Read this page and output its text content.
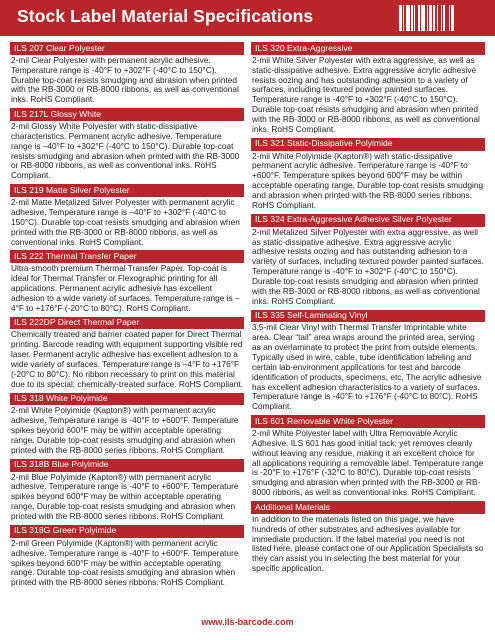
Stock Label Material Specifications
ILS 207 Clear Polyester
2-mil Clear Polyester with permanent acrylic adhesive. Temperature range is -40°F to +302°F (-40°C to 150°C). Durable top-coat resists smudging and abrasion when printed with the RB-3000 or RB-8000 ribbons, as well as conventional inks. RoHS Compliant.
ILS 217L Glossy White
2-mil Glossy White Polyester with static-dissipative characteristics. Permanent acrylic adhesive. Temperature range is –40°F to +302°F (-40°C to 150°C). Durable top-coat resists smudging and abrasion when printed with the RB-3000 or RB-8000 ribbons, as well as conventional inks. RoHS Compliant.
ILS 219 Matte Silver Polyester
2-mil Matte Metalized Silver Polyester with permanent acrylic adhesive. Temperature range is –40°F to +302°F (-40°C to 150°C). Durable top-coat resists smudging and abrasion when printed with the RB-3000 or RB-8000 ribbons, as well as conventional inks. RoHS Compliant.
ILS 222 Thermal Transfer Paper
Ultra-smooth premium Thermal Transfer Paper. Top-coat is ideal for Thermal Transfer or Flexographic printing for all applications. Permanent acrylic adhesive has excellent adhesion to a wide variety of surfaces. Temperature range is –4°F to +176°F (-20°C to 80°C). RoHS Compliant.
ILS 222DP Direct Thermal Paper
Chemically treated and barrier coated paper for Direct Thermal printing. Barcode reading with equipment supporting visible red laser. Permanent acrylic adhesive has excellent adhesion to a wide variety of surfaces. Temperature range is –4°F to +176°F (-20°C to 80°C). No ribbon necessary to print on this material due to its special, chemically-treated surface. RoHS Compliant.
ILS 318 White Polyimide
2-mil White Polyimide (Kapton®) with permanent acrylic adhesive. Temperature range is -40°F to +600°F. Temperature spikes beyond 600°F may be within acceptable operating range. Durable top-coat resists smudging and abrasion when printed with the RB-8000 series ribbons. RoHS Compliant.
ILS 318B Blue Polyimide
2-mil Blue Polyimide (Kapton®) with permanent acrylic adhesive. Temperature range is -40°F to +600°F. Temperature spikes beyond 600°F may be within acceptable operating range. Durable top-coat resists smudging and abrasion when printed with the RB-8000 series ribbons. RoHS Compliant.
ILS 318G Green Polyimide
2-mil Green Polyimide (Kapton®) with permanent acrylic adhesive. Temperature range is -40°F to +600°F. Temperature spikes beyond 600°F may be within acceptable operating range. Durable top-coat resists smudging and abrasion when printed with the RB-8000 series ribbons. RoHS Compliant.
ILS 320 Extra-Aggressive
2-mil White Silver Polyester with extra aggressive, as well as static-dissipative adhesive. Extra aggressive acrylic adhesive resists oozing and has outstanding adhesion to a variety of surfaces, including textured powder painted surfaces. Temperature range is -40°F to +302°F (-40°C to 150°C). Durable top-coat resists smudging and abrasion when printed with the RB-3000 or RB-8000 ribbons, as well as conventional inks. RoHS Compliant.
ILS 321 Static-Dissipative Polyimide
2-mil White Polyimide (Kapton®) with static-dissipative permanent acrylic adhesive. Temperature range is -40°F to +600°F. Temperature spikes beyond 600°F may be within acceptable operating range. Durable top-coat resists smudging and abrasion when printed with the RB-8000 series ribbons. RoHS Compliant.
ILS 324 Extra-Aggressive Adhesive Silver Polyester
2-mil Metalized Silver Polyester with extra aggressive, as well as static-dissipative adhesive. Extra aggressive acrylic adhesive resists oozing and has outstanding adhesion to a variety of surfaces, including textured powder painted surfaces. Temperature range is -40°F to +302°F (-40°C to 150°C). Durable top-coat resists smudging and abrasion when printed with the RB-3000 or RB-8000 ribbons, as well as conventional inks. RoHS Compliant.
ILS 335 Self-Laminating Vinyl
3.5-mil Clear Vinyl with Thermal Transfer Imprintable white area. Clear “tail” area wraps around the printed area, serving as an overlaminate to protect the print from outside elements. Typically used in wire, cable, tube identification labeling and certain lab-environment applications for test and barcode identification of products, specimens, etc. The acrylic adhesive has excellent adhesion characteristics to a variety of surfaces. Temperature range is -40°F to +176°F (-40°C to 80°C). RoHS Compliant.
ILS 601 Removable White Polyester
2-mil White Polyester label with Ultra Removable Acrylic Adhesive. ILS 601 has good initial tack, yet removes cleanly without leaving any residue, making it an excellent choice for all applications requiring a removable label. Temperature range is -20°F to +176°F (-32°C to 80°C). Durable top-coat resists smudging and abrasion when printed with the RB-3000 or RB-8000 ribbons, as well as conventional inks. RoHS Compliant.
Additional Materials
In addition to the materials listed on this page, we have hundreds of other substrates and adhesives available for immediate production. If the label material you need is not listed here, please contact one of our Application Specialists so they can assist you in selecting the best material for your specific application.
www.ils-barcode.com
